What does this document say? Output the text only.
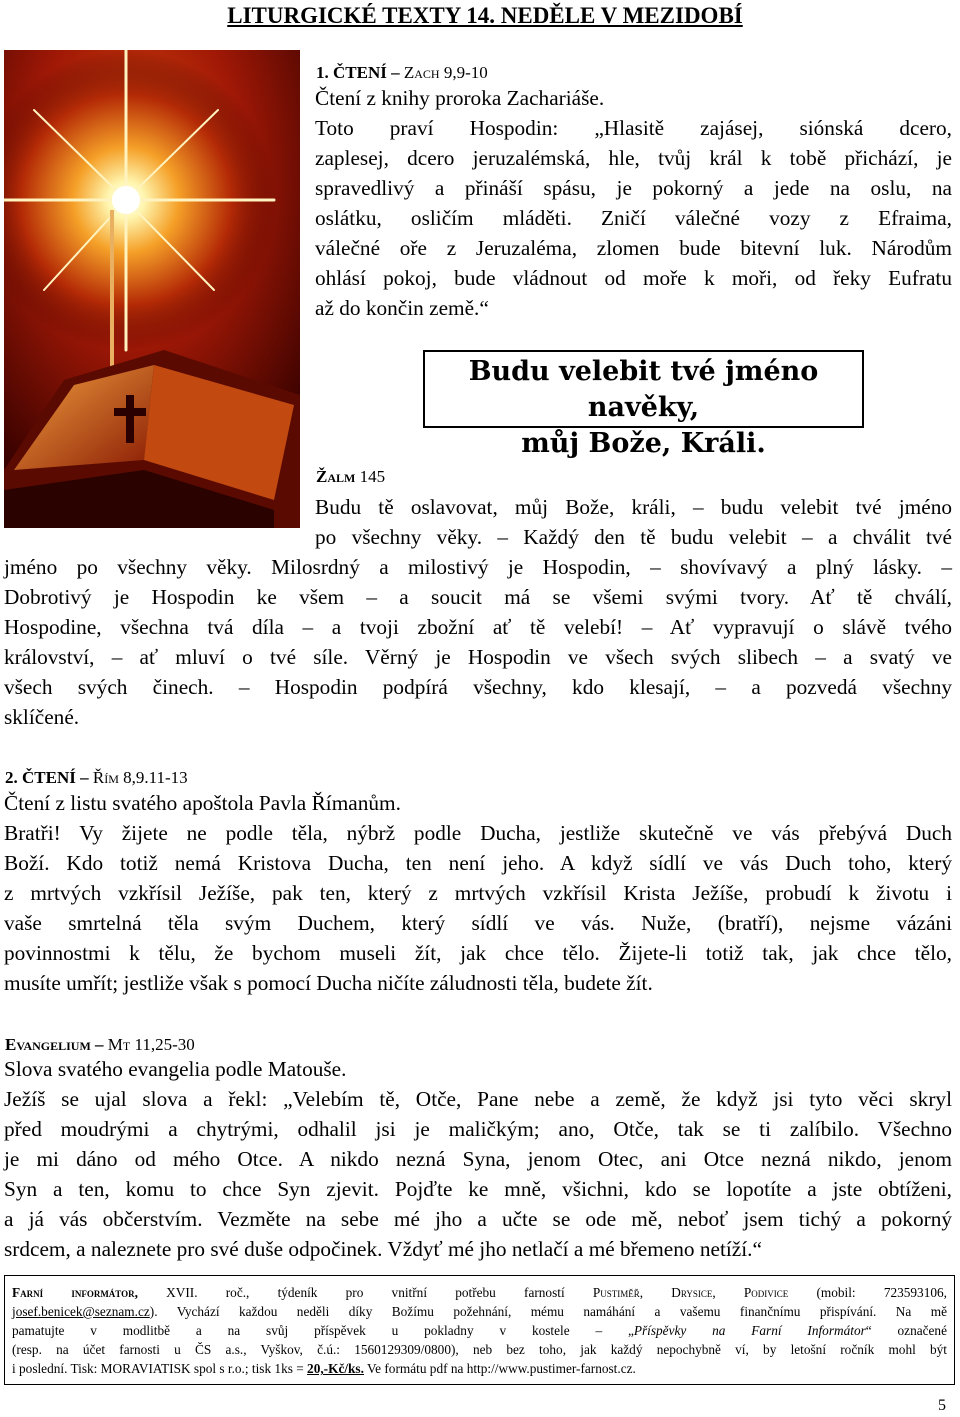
LITURGICKÉ TEXTY 14. NEDĚLE V MEZIDOBÍ
1. ČTENÍ – Zach 9,9-10
Čtení z knihy proroka Zachariáše.
Toto praví Hospodin: „Hlasitě zajásej, siónská dcero,
zaplesej, dcero jeruzalémská, hle, tvůj král k tobě přichází, je
spravedlivý a přináší spásu, je pokorný a jede na oslu, na
oslátku, osličím mláděti. Zničí válečné vozy z Efraima,
válečné oře z Jeruzaléma, zlomen bude bitevní luk. Národům
ohlásí pokoj, bude vládnout od moře k moři, od řeky Eufratu
až do končin země.“
Budu velebit tvé jméno navěky,
můj Bože, Králi.
Žalm 145
Budu tě oslavovat, můj Bože, králi, – budu velebit tvé jméno
po všechny věky. – Každý den tě budu velebit – a chválit tvé
jméno po všechny věky. Milosrdný a milostivý je Hospodin, – shovívavý a plný lásky. –
Dobrotivý je Hospodin ke všem – a soucit má se všemi svými tvory. Ať tě chválí,
Hospodine, všechna tvá díla – a tvoji zbožní ať tě velebí! – Ať vypravují o slávě tvého
království, – ať mluví o tvé síle. Věrný je Hospodin ve všech svých slibech – a svatý ve
všech svých činech. – Hospodin podpírá všechny, kdo klesají, – a pozvedá všechny
sklíčené.
2. ČTENÍ – Řím 8,9.11-13
Čtení z listu svatého apoštola Pavla Římanům.
Bratři! Vy žijete ne podle těla, nýbrž podle Ducha, jestliže skutečně ve vás přebývá Duch
Boží. Kdo totiž nemá Kristova Ducha, ten není jeho. A když sídlí ve vás Duch toho, který
z mrtvých vzkřísil Ježíše, pak ten, který z mrtvých vzkřísil Krista Ježíše, probudí k životu i
vaše smrtelná těla svým Duchem, který sídlí ve vás. Nuže, (bratří), nejsme vázáni
povinnostmi k tělu, že bychom museli žít, jak chce tělo. Žijete-li totiž tak, jak chce tělo,
musíte umřít; jestliže však s pomocí Ducha ničíte záludnosti těla, budete žít.
Evangelium – Mt 11,25-30
Slova svatého evangelia podle Matouše.
Ježíš se ujal slova a řekl: „Velebím tě, Otče, Pane nebe a země, že když jsi tyto věci skryl
před moudrými a chytrými, odhalil jsi je maličkým; ano, Otče, tak se ti zalíbilo. Všechno
je mi dáno od mého Otce. A nikdo nezná Syna, jenom Otec, ani Otce nezná nikdo, jenom
Syn a ten, komu to chce Syn zjevit. Pojďte ke mně, všichni, kdo se lopotíte a jste obtíženi,
a já vás občerstvím. Vezměte na sebe mé jho a učte se ode mě, neboť jsem tichý a pokorný
srdcem, a naleznete pro své duše odpočinek. Vždyť mé jho netlačí a mé břemeno netíží.“
Farní informátor, XVII. roč., týdeník pro vnitřní potřebu farností Pustiměř, Drysice, Podivice (mobil: 723593106,
josef.benicek@seznam.cz). Vychází každou neděli díky Božímu požehnání, mému namáhání a vašemu finančnímu přispívání. Na mě
pamatujte v modlitbě a na svůj příspěvek u pokladny v kostele – „Příspěvky na Farní Informátor“ označené
(resp. na účet farnosti u ČS a.s., Vyškov, č.ú.: 1560129309/0800), neb bez toho, jak každý nepochybně ví, by letošní ročník mohl být
i poslední. Tisk: MORAVIATISK spol s r.o.; tisk 1ks = 20,-Kč/ks. Ve formátu pdf na http://www.pustimer-farnost.cz.
5
